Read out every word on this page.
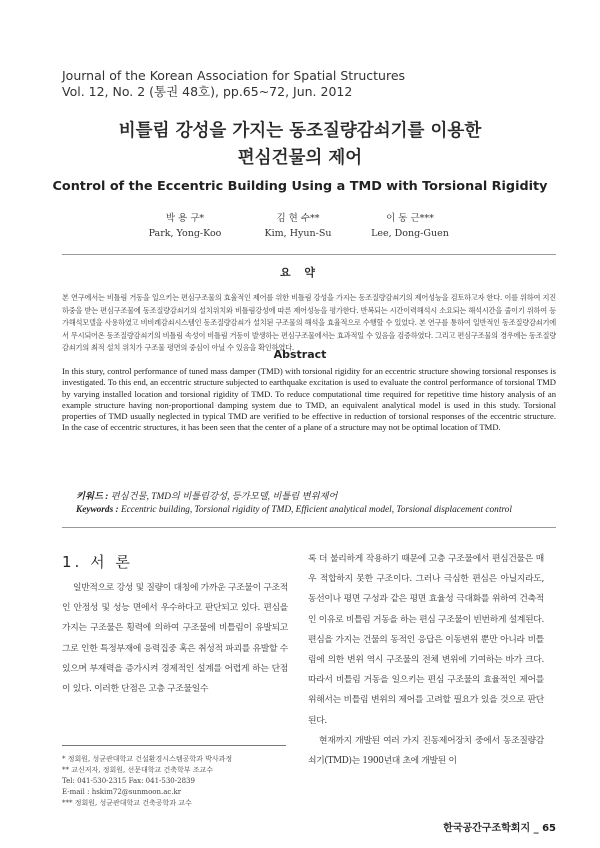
Journal of the Korean Association for Spatial Structures
Vol. 12, No. 2 (통권 48호), pp.65~72, Jun. 2012
비틀림 강성을 가지는 동조질량감쇠기를 이용한
편심건물의 제어
Control of the Eccentric Building Using a TMD with Torsional Rigidity
박 용 구*
Park, Yong-Koo
김 현 수**
Kim, Hyun-Su
이 동 근***
Lee, Dong-Guen
요 약
본 연구에서는 비틀림 거동을 일으키는 편심구조물의 효율적인 제어를 위한 비틀림 강성을 가지는 동조질량감쇠기의 제어성능을 검토하고자 한다. 이를 위하여 지진하중을 받는 편심구조물에 동조질량감쇠기의 설치위치와 비틀림강성에 따른 제어성능을 평가한다. 반복되는 시간이력해석시 소요되는 해석시간을 줄이기 위하여 등가해석모델을 사용하였고 비비례감쇠시스템인 동조질량감쇠가 설치된 구조물의 해석을 효율적으로 수행할 수 있었다. 본 연구를 통하여 일반적인 동조질량감쇠기에서 무시되어온 동조질량감쇠기의 비틀림 속성이 비틀림 거동이 발생하는 편심구조물에서는 효과적일 수 있음을 검증하였다. 그리고 편심구조물의 경우에는 동조질량감쇠기의 최적 설치 위치가 구조물 평면의 중심이 아닐 수 있음을 확인하였다.
Abstract
In this stury, control performance of tuned mass damper (TMD) with torsional rigidity for an eccentric structure showing torsional responses is investigated. To this end, an eccentric structure subjected to earthquake excitation is used to evaluate the control performance of torsional TMD by varying installed location and torsional rigidity of TMD. To reduce computational time required for repetitive time history analysis of an example structure having non-proportional damping system due to TMD, an equivalent analytical model is used in this study. Torsional properties of TMD usually neglected in typical TMD are verified to be effective in reduction of torsional responses of the eccentric structure. In the case of eccentric structures, it has been seen that the center of a plane of a structure may not be optimal location of TMD.
키워드 : 편심건물, TMD의 비틀림강성, 등가모델, 비틀림 변위제어
Keywords : Eccentric building, Torsional rigidity of TMD, Efficient analytical model, Torsional displacement control
1. 서 론

일반적으로 강성 및 질량이 대칭에 가까운 구조물이 구조적인 안정성 및 성능 면에서 우수하다고 판단되고 있다. 편심을 가지는 구조물은 횡력에 의하여 구조물에 비틀림이 유발되고 그로 인한 특정부재에 응력집중 혹은 취성적 파괴를 유발할 수 있으며 부재력을 증가시켜 경제적인 설계를 어렵게 하는 단점이 있다. 이러한 단점은 고층 구조물일수

* 정회원, 성균관대학교 건설환경시스템공학과 박사과정
** 교신저자, 정회원, 선문대학교 건축학부 조교수
Tel: 041-530-2315 Fax: 041-530-2839
E-mail : hskim72@sunmoon.ac.kr
*** 정회원, 성균관대학교 건축공학과 교수

록 더 불리하게 작용하기 때문에 고층 구조물에서 편심건물은 매우 적합하지 못한 구조이다. 그러나 극심한 편심은 아닐지라도, 동선이나 평면 구성과 같은 평면 효율성 극대화를 위하여 건축적인 이유로 비틀림 거동을 하는 편심 구조물이 빈번하게 설계된다. 편심을 가지는 건물의 동적인 응답은 이동변위 뿐만 아니라 비틀림에 의한 변위 역시 구조물의 전체 변위에 기여하는 바가 크다. 따라서 비틀림 거동을 일으키는 편심 구조물의 효율적인 제어를 위해서는 비틀림 변위의 제어를 고려할 필요가 있을 것으로 판단된다.

현재까지 개발된 여러 가지 진동제어장치 중에서 동조질량감쇠기(TMD)는 1900년대 초에 개발된 이

한국공간구조학회지 _ 65
